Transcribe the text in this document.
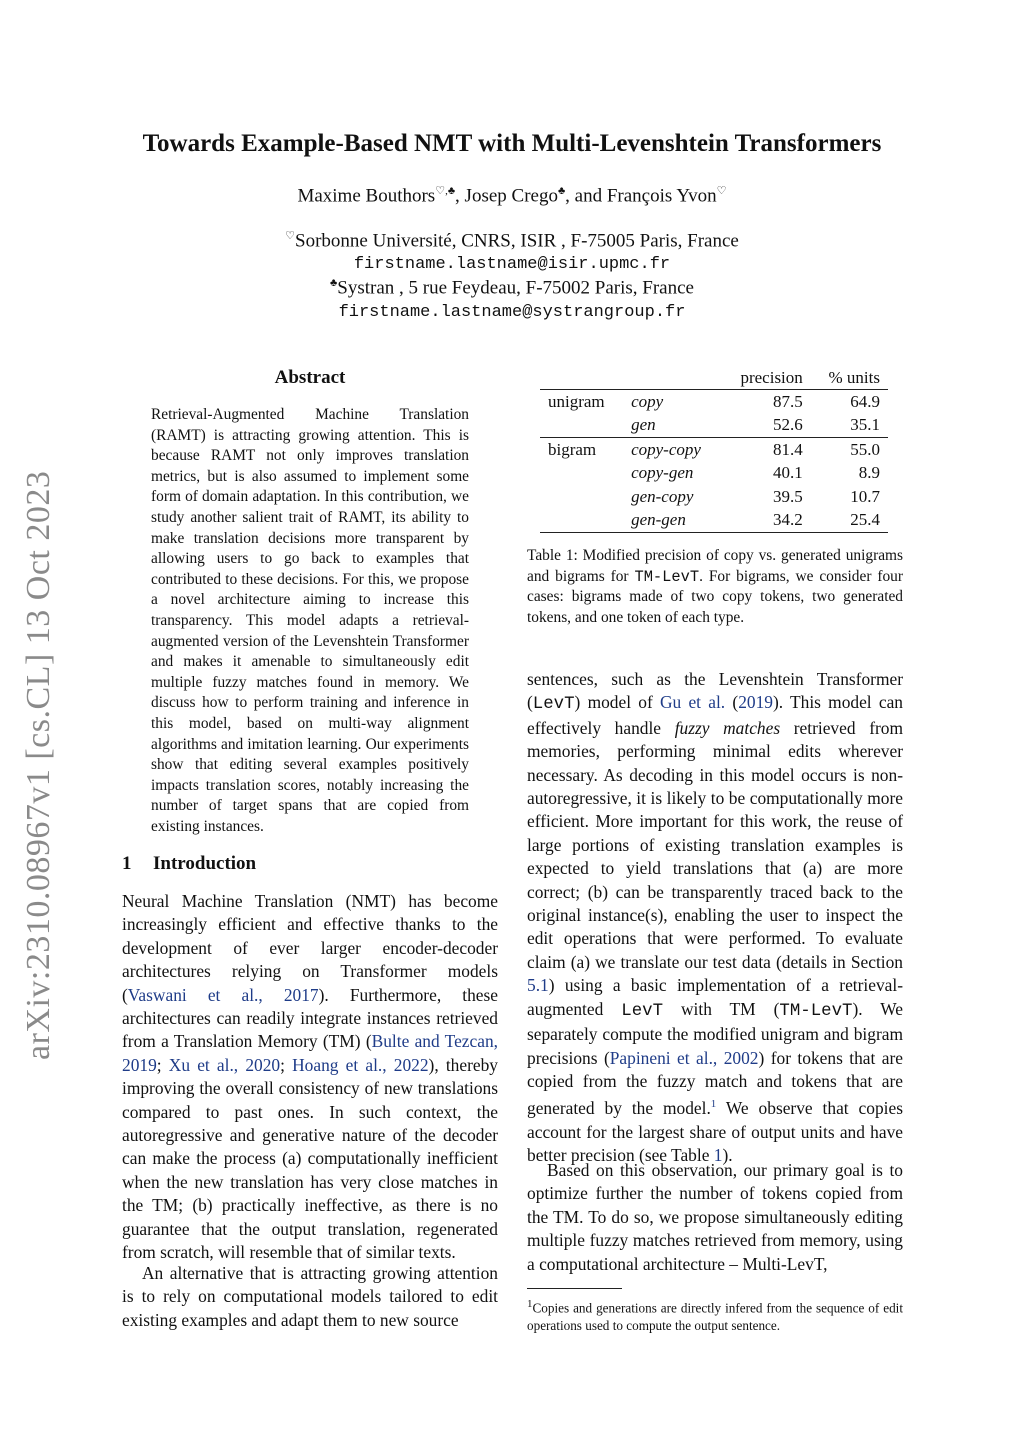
arXiv:2310.08967v1 [cs.CL] 13 Oct 2023
Towards Example-Based NMT with Multi-Levenshtein Transformers
Maxime Bouthors♡,♣, Josep Crego♣, and François Yvon♡
♡Sorbonne Université, CNRS, ISIR , F-75005 Paris, France
firstname.lastname@isir.upmc.fr
♣Systran , 5 rue Feydeau, F-75002 Paris, France
firstname.lastname@systrangroup.fr
Abstract
Retrieval-Augmented Machine Translation (RAMT) is attracting growing attention. This is because RAMT not only improves translation metrics, but is also assumed to implement some form of domain adaptation. In this contribution, we study another salient trait of RAMT, its ability to make translation decisions more transparent by allowing users to go back to examples that contributed to these decisions. For this, we propose a novel architecture aiming to increase this transparency. This model adapts a retrieval-augmented version of the Levenshtein Transformer and makes it amenable to simultaneously edit multiple fuzzy matches found in memory. We discuss how to perform training and inference in this model, based on multi-way alignment algorithms and imitation learning. Our experiments show that editing several examples positively impacts translation scores, notably increasing the number of target spans that are copied from existing instances.
1 Introduction

Neural Machine Translation (NMT) has become increasingly efficient and effective thanks to the development of ever larger encoder-decoder architectures relying on Transformer models (Vaswani et al., 2017). Furthermore, these architectures can readily integrate instances retrieved from a Translation Memory (TM) (Bulte and Tezcan, 2019; Xu et al., 2020; Hoang et al., 2022), thereby improving the overall consistency of new translations compared to past ones. In such context, the autoregressive and generative nature of the decoder can make the process (a) computationally inefficient when the new translation has very close matches in the TM; (b) practically ineffective, as there is no guarantee that the output translation, regenerated from scratch, will resemble that of similar texts.

An alternative that is attracting growing attention is to rely on computational models tailored to edit existing examples and adapt them to new source

		precision	% units
unigram	copy	87.5	64.9
	gen	52.6	35.1
bigram	copy-copy	81.4	55.0
	copy-gen	40.1	8.9
	gen-copy	39.5	10.7
	gen-gen	34.2	25.4
Table 1: Modified precision of copy vs. generated unigrams and bigrams for TM-LevT. For bigrams, we consider four cases: bigrams made of two copy tokens, two generated tokens, and one token of each type.

sentences, such as the Levenshtein Transformer (LevT) model of Gu et al. (2019). This model can effectively handle fuzzy matches retrieved from memories, performing minimal edits wherever necessary. As decoding in this model occurs is non-autoregressive, it is likely to be computationally more efficient. More important for this work, the reuse of large portions of existing translation examples is expected to yield translations that (a) are more correct; (b) can be transparently traced back to the original instance(s), enabling the user to inspect the edit operations that were performed. To evaluate claim (a) we translate our test data (details in Section 5.1) using a basic implementation of a retrieval-augmented LevT with TM (TM-LevT). We separately compute the modified unigram and bigram precisions (Papineni et al., 2002) for tokens that are copied from the fuzzy match and tokens that are generated by the model.$^1$ We observe that copies account for the largest share of output units and have better precision (see Table 1).

Based on this observation, our primary goal is to optimize further the number of tokens copied from the TM. To do so, we propose simultaneously editing multiple fuzzy matches retrieved from memory, using a computational architecture – Multi-LevT,

$^1$Copies and generations are directly infered from the sequence of edit operations used to compute the output sentence.
